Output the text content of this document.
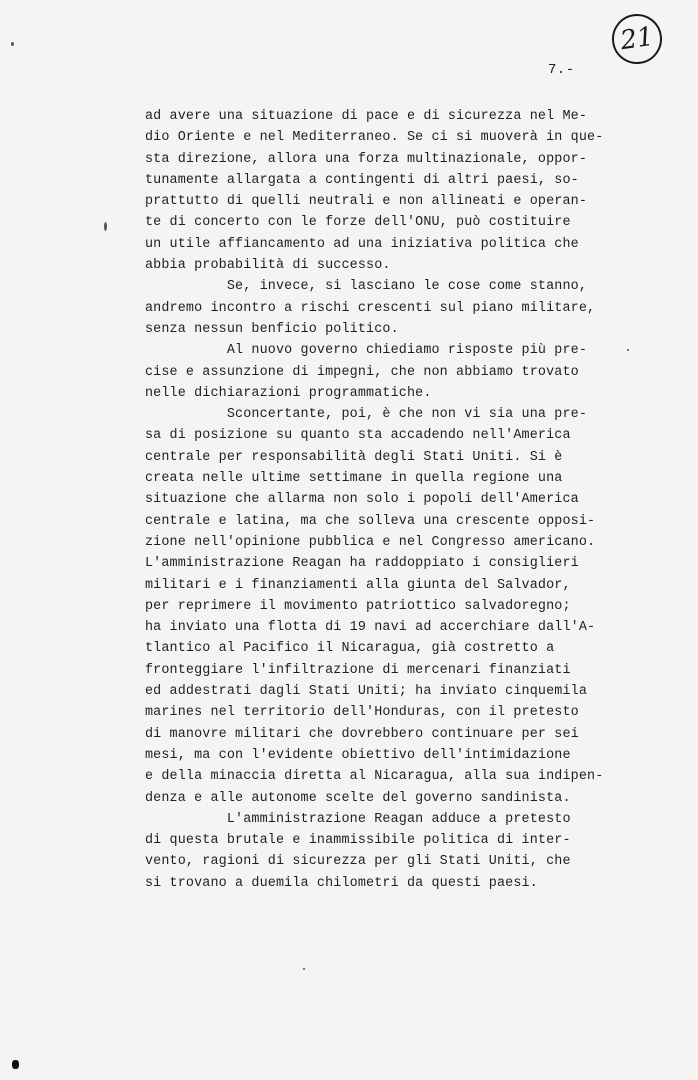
21
7.-
ad avere una situazione di pace e di sicurezza nel Me-
dio Oriente e nel Mediterraneo. Se ci si muoverà in que-
sta direzione, allora una forza multinazionale, oppor-
tunamente allargata a contingenti di altri paesi, so-
prattutto di quelli neutrali e non allineati e operan-
te di concerto con le forze dell'ONU, può costituire
un utile affiancamento ad una iniziativa politica che
abbia probabilità di successo.
Se, invece, si lasciano le cose come stanno,
andremo incontro a rischi crescenti sul piano militare,
senza nessun benficio politico.
Al nuovo governo chiediamo risposte più pre-
cise e assunzione di impegni, che non abbiamo trovato
nelle dichiarazioni programmatiche.
Sconcertante, poi, è che non vi sia una pre-
sa di posizione su quanto sta accadendo nell'America
centrale per responsabilità degli Stati Uniti. Si è
creata nelle ultime settimane in quella regione una
situazione che allarma non solo i popoli dell'America
centrale e latina, ma che solleva una crescente opposi-
zione nell'opinione pubblica e nel Congresso americano.
L'amministrazione Reagan ha raddoppiato i consiglieri
militari e i finanziamenti alla giunta del Salvador,
per reprimere il movimento patriottico salvadoregno;
ha inviato una flotta di 19 navi ad accerchiare dall'A-
tlantico al Pacifico il Nicaragua, già costretto a
fronteggiare l'infiltrazione di mercenari finanziati
ed addestrati dagli Stati Uniti; ha inviato cinquemila
marines nel territorio dell'Honduras, con il pretesto
di manovre militari che dovrebbero continuare per sei
mesi, ma con l'evidente obiettivo dell'intimidazione
e della minaccia diretta al Nicaragua, alla sua indipen-
denza e alle autonome scelte del governo sandinista.
L'amministrazione Reagan adduce a pretesto
di questa brutale e inammissibile politica di inter-
vento, ragioni di sicurezza per gli Stati Uniti, che
si trovano a duemila chilometri da questi paesi.
